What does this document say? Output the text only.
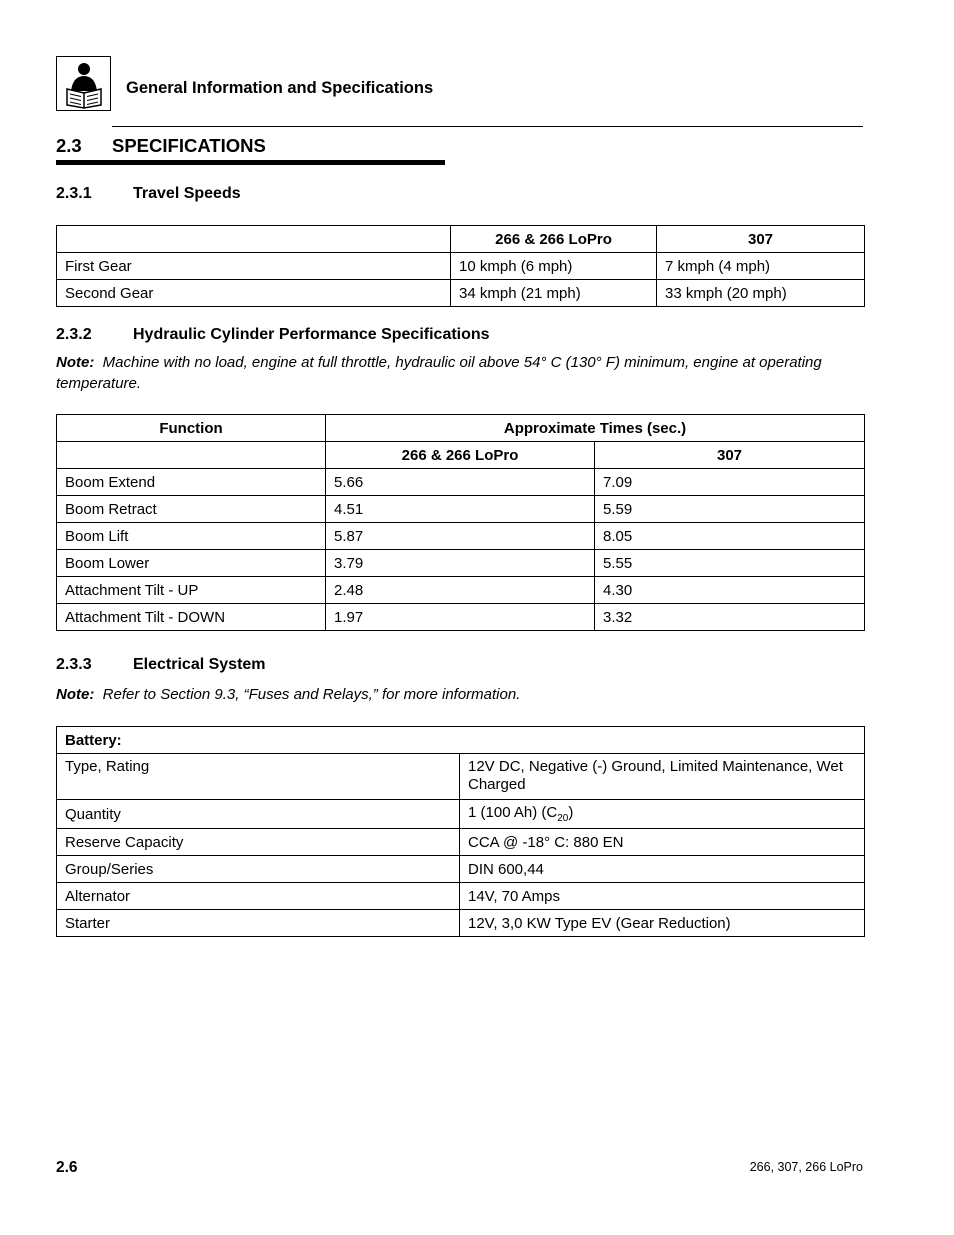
General Information and Specifications
2.3 SPECIFICATIONS
2.3.1	Travel Speeds
	266 & 266 LoPro	307
First Gear	10 kmph (6 mph)	7 kmph (4 mph)
Second Gear	34 kmph (21 mph)	33 kmph (20 mph)
2.3.2	Hydraulic Cylinder Performance Specifications
Note: Machine with no load, engine at full throttle, hydraulic oil above 54° C (130° F) minimum, engine at operating temperature.
Function	Approximate Times (sec.)	
	266 & 266 LoPro	307
Boom Extend	5.66	7.09
Boom Retract	4.51	5.59
Boom Lift	5.87	8.05
Boom Lower	3.79	5.55
Attachment Tilt - UP	2.48	4.30
Attachment Tilt - DOWN	1.97	3.32
2.3.3	Electrical System
Note: Refer to Section 9.3, “Fuses and Relays,” for more information.
Battery:	
Type, Rating	12V DC, Negative (-) Ground, Limited Maintenance, Wet Charged
Quantity	1 (100 Ah) $(C_{20})$
Reserve Capacity	CCA @ -18° C: 880 EN
Group/Series	DIN 600,44
Alternator	14V, 70 Amps
Starter	12V, 3,0 KW Type EV (Gear Reduction)
2.6	266, 307, 266 LoPro
